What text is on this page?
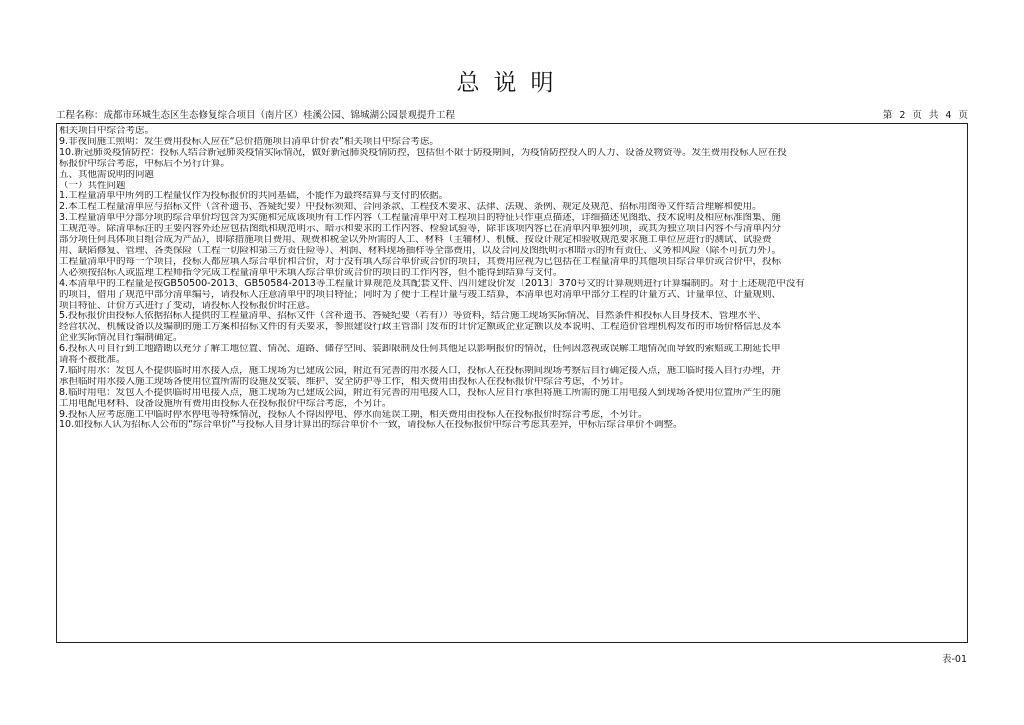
总说明
工程名称：成都市环城生态区生态修复综合项目（南片区）桂溪公园、锦城湖公园景观提升工程	第 2 页 共 4 页
相关项目中综合考虑。
9.非夜间施工照明：发生费用投标人应在“总价措施项目清单计价表”相关项目中综合考虑。
10.新冠肺炎疫情防控：投标人结合新冠肺炎疫情实际情况，做好新冠肺炎疫情防控，包括但不限于防疫期间，为疫情防控投入的人力、设备及物资等。发生费用投标人应在投
标报价中综合考虑，中标后不另行计算。
五、其他需说明的问题
（一）共性问题
1.工程量清单中所列的工程量仅作为投标报价的共同基础，不能作为最终结算与支付的依据。
2.本工程工程量清单应与招标文件（含补遗书、答疑纪要）中投标须知、合同条款、工程技术要求、法律、法规、条例、规定及规范、招标用图等文件结合理解和使用。
3.工程量清单中分部分项的综合单价均包含为实施和完成该项所有工作内容（工程量清单中对工程项目的特征只作重点描述，详细描述见图纸、技术说明及相应标准图集、施
工规范等。除清单标注的主要内容外还应包括图纸和规范明示、暗示和要求的工作内容、检验试验等，除非该项内容已在清单内单独列项，或其为独立项目内容不与清单内分
部分项任何具体项目组合成为产品），即除措施项目费用、规费和税金以外所需的人工、材料（主辅材）、机械、按设计规定和验收规范要求施工单位应进行的测试、试验费
用、缺陷修复、管理、各类保险（工程一切险和第三方责任险等）、利润、材料现场抽样等全部费用，以及合同及图纸明示和暗示的所有责任、义务和风险（除不可抗力外）。
工程量清单中的每一个项目，投标人都应填入综合单价和合价，对于没有填入综合单价或合价的项目，其费用应视为已包括在工程量清单的其他项目综合单价或合价中，投标
人必须按招标人或监理工程师指令完成工程量清单中未填入综合单价或合价的项目的工作内容，但不能得到结算与支付。
4.本清单中的工程量是按GB50500-2013、GB50584-2013等工程量计算规范及其配套文件、四川建设价发〔2013〕370号文的计算规则进行计算编制的。对于上述规范中没有
的项目，借用了规范中部分清单编号，请投标人注意清单中的项目特征；同时为了便于工程计量与竣工结算，本清单也对清单中部分工程的计量方式、计量单位、计量规则、
项目特征、计价方式进行了变动，请投标人投标报价时注意。
5.投标报价由投标人依据招标人提供的工程量清单、招标文件（含补遗书、答疑纪要（若有））等资料，结合施工现场实际情况、自然条件和投标人自身技术、管理水平、
经营状况、机械设备以及编制的施工方案和招标文件的有关要求，参照建设行政主管部门发布的计价定额或企业定额以及本说明、工程造价管理机构发布的市场价格信息及本
企业实际情况自行编制确定。
6.投标人可自行到工地踏勘以充分了解工地位置、情况、道路、储存空间、装卸限制及任何其他足以影响报价的情况，任何因忽视或误解工地情况而导致的索赔或工期延长申
请将不被批准。
7.临时用水：发包人不提供临时用水接入点，施工现场为已建成公园，附近有完善的用水接入口，投标人在投标期间现场考察后自行确定接入点，施工临时接入自行办理，并
承担临时用水接入施工现场各使用位置所需的设施及安装、维护、安全防护等工作，相关费用由投标人在投标报价中综合考虑，不另计。
8.临时用电：发包人不提供临时用电接入点，施工现场为已建成公园，附近有完善的用电接入口，投标人应自行承担将施工所需的施工用电接入到现场各使用位置所产生的施
工用电配电材料、设备设施所有费用由投标人在投标报价中综合考虑，不另计。
9.投标人应考虑施工中临时停水停电等特殊情况，投标人不得因停电、停水而延误工期，相关费用由投标人在投标报价时综合考虑，不另计。
10.如投标人认为招标人公布的“综合单价”与投标人自身计算出的综合单价不一致，请投标人在投标报价中综合考虑其差异，中标后综合单价不调整。
表-01
